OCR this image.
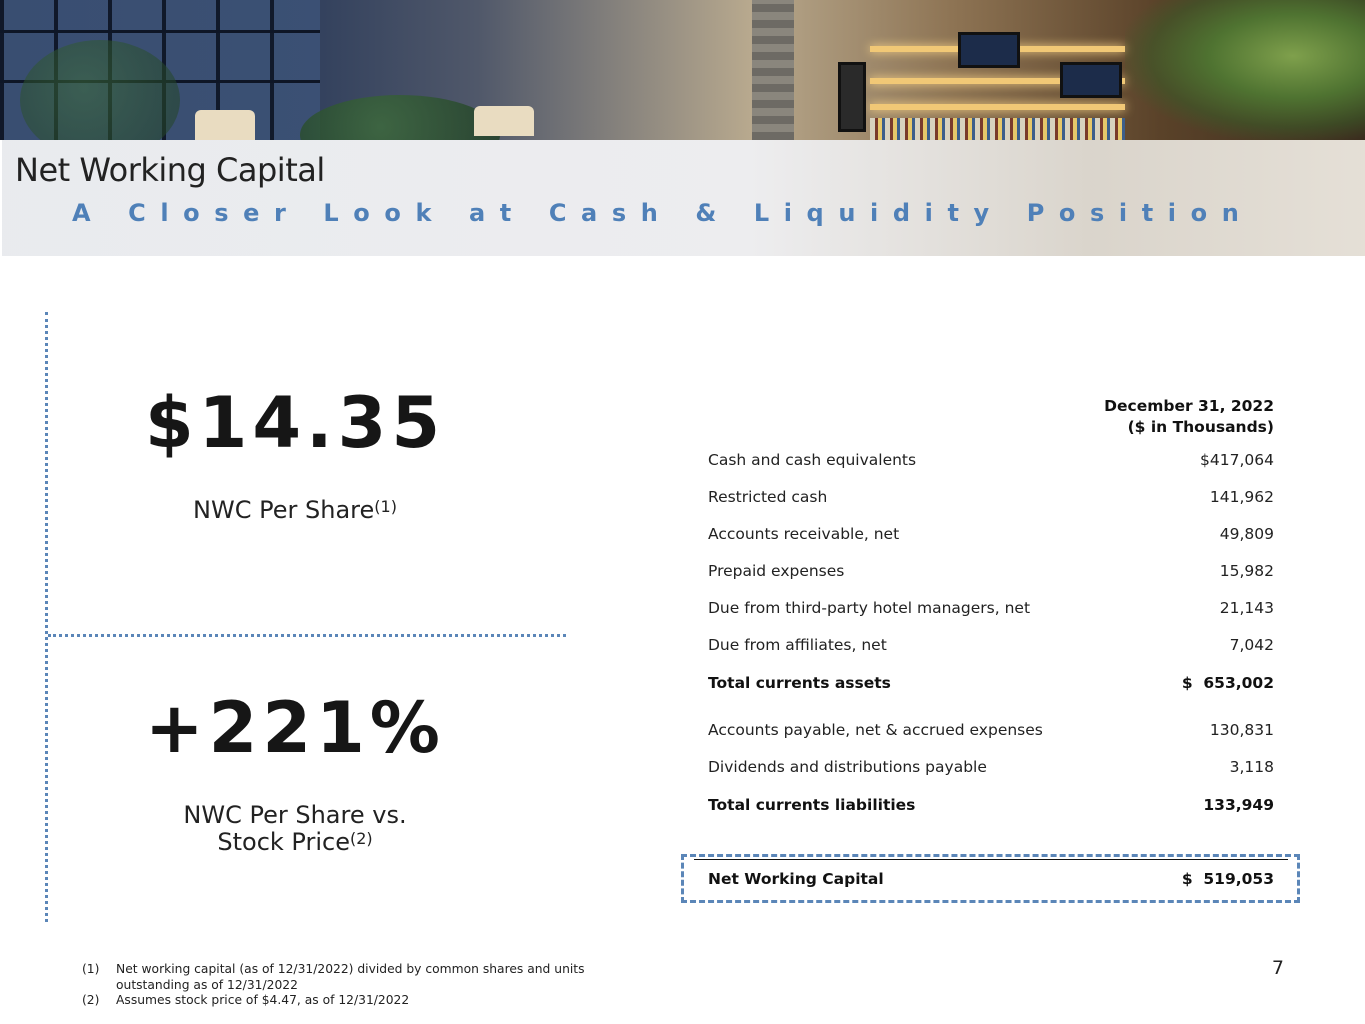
Net Working Capital
A Closer Look at Cash & Liquidity Position
$14.35
NWC Per Share$^{(1)}$
+221%
NWC Per Share vs.
Stock Price$^{(2)}$
December 31, 2022
($ in Thousands)
Cash and cash equivalents	$417,064
Restricted cash	141,962
Accounts receivable, net	49,809
Prepaid expenses	15,982
Due from third-party hotel managers, net	21,143
Due from affiliates, net	7,042
Total currents assets	$  653,002
Accounts payable, net & accrued expenses	130,831
Dividends and distributions payable	3,118
Total currents liabilities	133,949
Net Working Capital	$  519,053
(1) Net working capital (as of 12/31/2022) divided by common shares and units outstanding as of 12/31/2022
(2) Assumes stock price of $4.47, as of 12/31/2022
7
